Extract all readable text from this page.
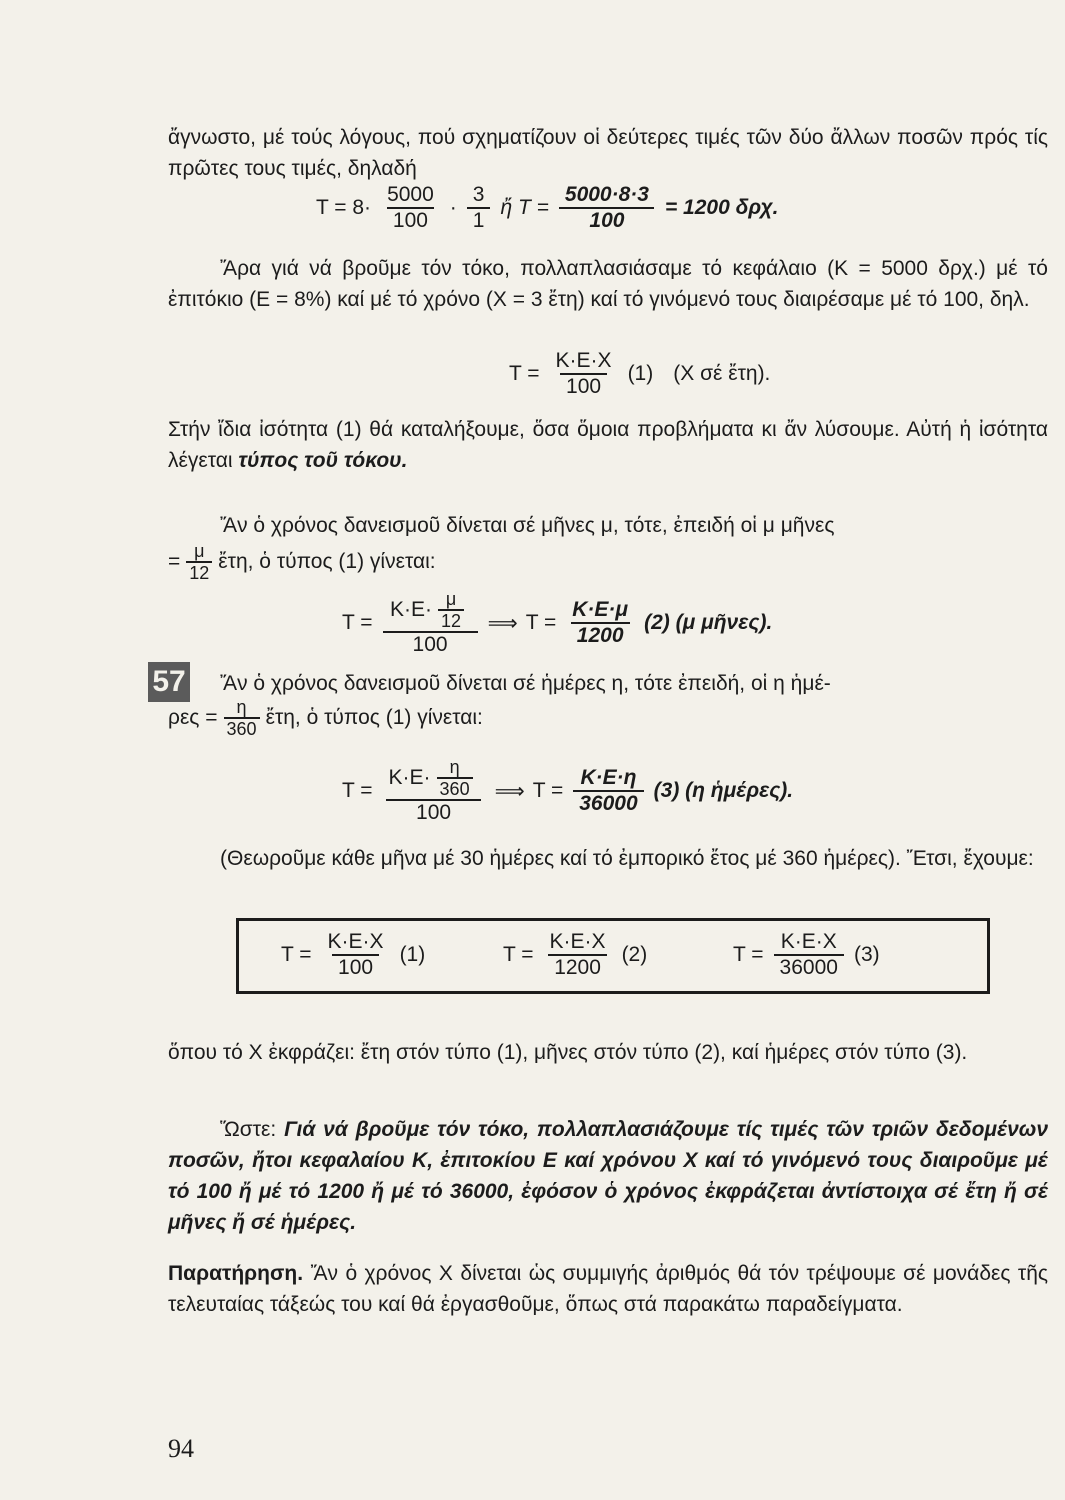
ἄγνωστο, μέ τούς λόγους, πού σχηματίζουν οἱ δεύτερες τιμές τῶν δύο ἄλλων ποσῶν πρός τίς πρῶτες τους τιμές, δηλαδή

$T = 8\cdot \frac{5000}{100} \cdot \frac{3}{1}$ ἤ $T = \frac{5000\cdot 8\cdot 3}{100} = 1200$ δρχ.

Ἄρα γιά νά βροῦμε τόν τόκο, πολλαπλασιάσαμε τό κεφάλαιο (Κ = 5000 δρχ.) μέ τό ἐπιτόκιο (Ε = 8%) καί μέ τό χρόνο (Χ = 3 ἔτη) καί τό γινόμενό τους διαιρέσαμε μέ τό 100, δηλ.

$T = \frac{K\cdot E\cdot X}{100} (1)$ (Χ σέ ἔτη).

Στήν ἴδια ἰσότητα (1) θά καταλήξουμε, ὅσα ὅμοια προβλήματα κι ἄν λύσουμε. Αὐτή ἡ ἰσότητα λέγεται τύπος τοῦ τόκου.

Ἄν ὁ χρόνος δανεισμοῦ δίνεται σέ μῆνες μ, τότε, ἐπειδή οἱ μ μῆνες

= $\frac{\mu}{12}$ ἔτη, ὁ τύπος (1) γίνεται:
$T = \frac{K\cdot E\cdot \frac{\mu}{12}}{100}$ ⟹ $T = \frac{K\cdot E\cdot\mu}{1200} (2)$ (μ μῆνες).
57	Ἄν ὁ χρόνος δανεισμοῦ δίνεται σέ ἡμέρες η, τότε ἐπειδή, οἱ η ἡμέ-

$\rho\varepsilon\varsigma = \frac{\eta}{360}$ ἔτη, ὁ τύπος (1) γίνεται:
$T = \frac{K\cdot E\cdot \frac{\eta}{360}}{100}$ ⟹ $T = \frac{K\cdot E\cdot\eta}{36000} (3)$ (η ἡμέρες).

(Θεωροῦμε κάθε μῆνα μέ 30 ἡμέρες καί τό ἐμπορικό ἔτος μέ 360 ἡμέρες). Ἔτσι, ἔχουμε:

$T = \frac{K\cdot E\cdot X}{100} (1)$	$T = \frac{K\cdot E\cdot X}{1200} (2)$	$T = \frac{K\cdot E\cdot X}{36000} (3)$

ὅπου τό Χ ἐκφράζει: ἔτη στόν τύπο (1), μῆνες στόν τύπο (2), καί ἡμέρες στόν τύπο (3).

Ὥστε: Γιά νά βροῦμε τόν τόκο, πολλαπλασιάζουμε τίς τιμές τῶν τριῶν δεδομένων ποσῶν, ἤτοι κεφαλαίου Κ, ἐπιτοκίου Ε καί χρόνου Χ καί τό γινόμενό τους διαιροῦμε μέ τό 100 ἤ μέ τό 1200 ἤ μέ τό 36000, ἐφόσον ὁ χρόνος ἐκφράζεται ἀντίστοιχα σέ ἔτη ἤ σέ μῆνες ἤ σέ ἡμέρες.

Παρατήρηση. Ἄν ὁ χρόνος Χ δίνεται ὡς συμμιγής ἀριθμός θά τόν τρέψουμε σέ μονάδες τῆς τελευταίας τάξεώς του καί θά ἐργασθοῦμε, ὅπως στά παρακάτω παραδείγματα.

94
